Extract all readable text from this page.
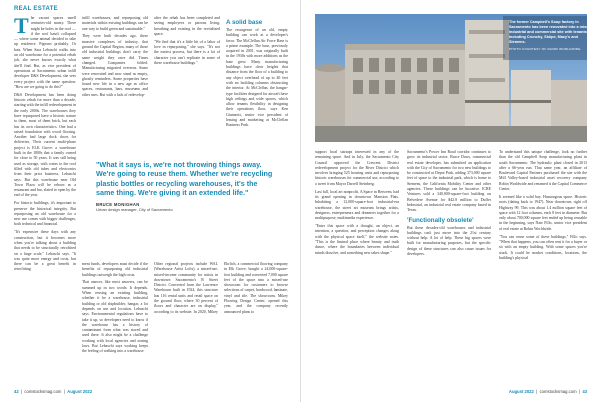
REAL ESTATE

The vacant spaces smell centuries-old musty. There might be holes in the roof — if the roof hasn't collapsed — where some animal decided to take up residence. Pigeons probably. Or bats. When Sara Lebaschi walks into an old warehouse for a potential rehab job, she never knows exactly what she'll find. But, as vice president of operations at Sacramento urban infill developer D&S Development, she sees every project with the same question: "How are we going to do this?"

D&S Development has been doing historic rehab for more than a decade, starting with the infill redevelopment in the early 2000s. The warehouses they have repurposed have a historic nature to them, most of them brick, but each has its own characteristics. One had a raised foundation with wood flooring. Another had large dock doors for deliveries. Their current multi-phase project is ELK Grove: a warehouse built in the 1800s that a family owned for close to 50 years. It was still being used as storage, with crates to the roof filled with old tubes and electronics from their prior business, Lebaschi says. But this warehouse near Old Town Plaza will be reborn as a restaurant and bar, slated to open by the end of the year.

For historic buildings, it's important to preserve the historical integrity. But repurposing an old warehouse for a new use comes with bigger challenges, both technical and financial.

"It's expensive these days with any construction, but it becomes more when you're talking about a building that needs to be structurally retrofitted on a large scale," Lebaschi says. "It was quite more energy and costs, but there can be a great benefit in retrofitting

infill warehouses, and repurposing old materials within existing buildings can be one way to build green and sustainable."

They were built decades ago, these massive complexes of industry, that ground the Capital Region, many of those old industrial buildings don't carry the same weight they once did. Times changed. Companies folded. Manufacturing migrated overseas. Some were renovated and now stand as empty, ghostly reminders. Some properties have found new life in a new age as office spaces, restaurants, bars, museums and other uses. But with a lack of redevelop-

"What it says is, we're not throwing things away. We're going to reuse them. Whether we're recycling plastic bottles or recycling warehouses, it's the same thing. We're giving it an extended life."
BRUCE MONIGHAN
Urban design manager, City of Sacramento

ment funds, developers must decide if the benefits of repurposing old industrial buildings outweigh the high costs.

That answer, like most answers, can be summed up in two words: It depends. When reusing an existing building, whether it be a warehouse, industrial building or old shipbuilder, hangar, a lot depends on use and location, Lebaschi says. Environmental regulations have to take it up, so developers need to know if the warehouse has a history of contaminant from what was stored and used there. It also might be a challenge working with local agencies and zoning laws. But Lebaschi says working keeps the feeling of walking into a warehouse

after the rehab has been completed and seeing employees or patrons living, breathing and existing in the revitalized space.

"We find that it's a little bit of a labor of love in repurposing," she says. "It's not the easiest process, but there is a lot of character you can't replicate in some of these warehouse buildings."

A solid base

The resurgence of an old, empty building can work at a developer's favor. The McClellan Air Force Base is a prime example. The base, previously acquired in 2001, was originally built in the 1930s with more additions as the base grew. Many manufacturing buildings have clear heights that distance from the floor of a building to any object overhead of up to 40 feet with no building columns obstructing the interior. At McClellan, the hangar-type facilities designed for aircraft have high ceilings and wide spaces, which allow tenants flexibility in designing their operations floor, says Ken Giannotti, senior vice president of leasing and marketing at McClellan Business Park.

Other regional projects include WAL (Warehouse Artist Lofts), a mixed-use, mixed-income community for artists in downtown Sacramento's R Street District. Converted from the Lawrence Warehouse built in 1924, this structure has 116 rental units and retail space on the ground floor, where 30 percent of floors and character are on display," according to its website. In 2020, Mikey Ehrlich, a commercial flooring company in Elk Grove, bought a 24,000-square-foot building and converted 7,000 square feet of the space into a mixed-use showroom for customers to browse selections of carpet, hardwood, laminate, vinyl and tile. The showroom, Mikey Flooring Design Center, opened this year, and the company recently announced plans to

42  |  comstocksmag.com  |  August 2022
The former Campbell's Soup factory in Sacramento has been renovated into a mixed industrial and commercial site with tenants including Crunchy, Sköpe, Macy's and Siemens.
PHOTO COURTESY OF RANDI WORLDWIDE

support local startups interested in any of the remaining space. And in July, the Sacramento City Council approved the Crescent District redevelopment project for the River District which involves bringing 525 housing units and repurposing historic warehouses for commercial use, according to a tweet from Mayor Darrell Steinberg.

Last fall, local art nonprofit, A Space in Between, had its grand opening in downtown Mansion Flats. Inhabiting a 12,000-square-foot industrial-era warehouse, the street art museum brings artists, designers, entrepreneurs and dreamers together for a multipurpose, multimedia experience.

"Enter this space with a thought, an object, an intention, a question, and perception changes along with the physical space itself," the website notes. "This is the liminal place where beauty and truth dance, where the boundaries between individual minds dissolve, and something new takes shape."

Sacramento's Power Inn Road corridor continues to grow its industrial sector. Bruce Daws, commercial real estate developer, has submitted an application with the City of Sacramento for two new buildings to be constructed at Depot Park, adding 373,000 square feet of space to the industrial park, which is home to Siemens, the California Mobility Center and other agencies. These buildings can be lucrative. ICRE Ventures sold a 340,000-square-foot building on Belvedere Avenue for $42.8 million to Duffer Industrial, an industrial real estate company based in Texas.

'Functionally obsolete'

But these decades-old warehouses and industrial buildings can't just move into the 21st century without help. A lot of help. These big spaces were built for manufacturing purposes, but the specific design of these structures can also cause issues for developers.

To understand this unique challenge, look no further than the old Campbell Soup manufacturing plant in south Sacramento. The hydraulic plant closed in 2013 after a 66-year run. That same year, an affiliate of Boulevard Capital Partners purchased the site with the Mill Valley-based industrial asset recovery company Robin Worldwide and renamed it the Capital Commerce Center.

It seemed like a solid buy. Humongous space. Historic roots (dating back to 1947). Near downtown, right off Highway 99. This was about 1.4 million square feet of space with 12 foot columns, each 8 feet in diameter. But only about 700,000 square feet ended up being reusable in the beginning, says Nate Fillo, senior vice president of real estate at Robin Worldwide.

"You can reuse some of these buildings," Fillo says. "When that happens, you can often rent it for a buyer or sit with an empty building. With some spaces you're stuck. It could be market conditions, locations, the building's physical

August 2022  |  comstocksmag.com  |  43
